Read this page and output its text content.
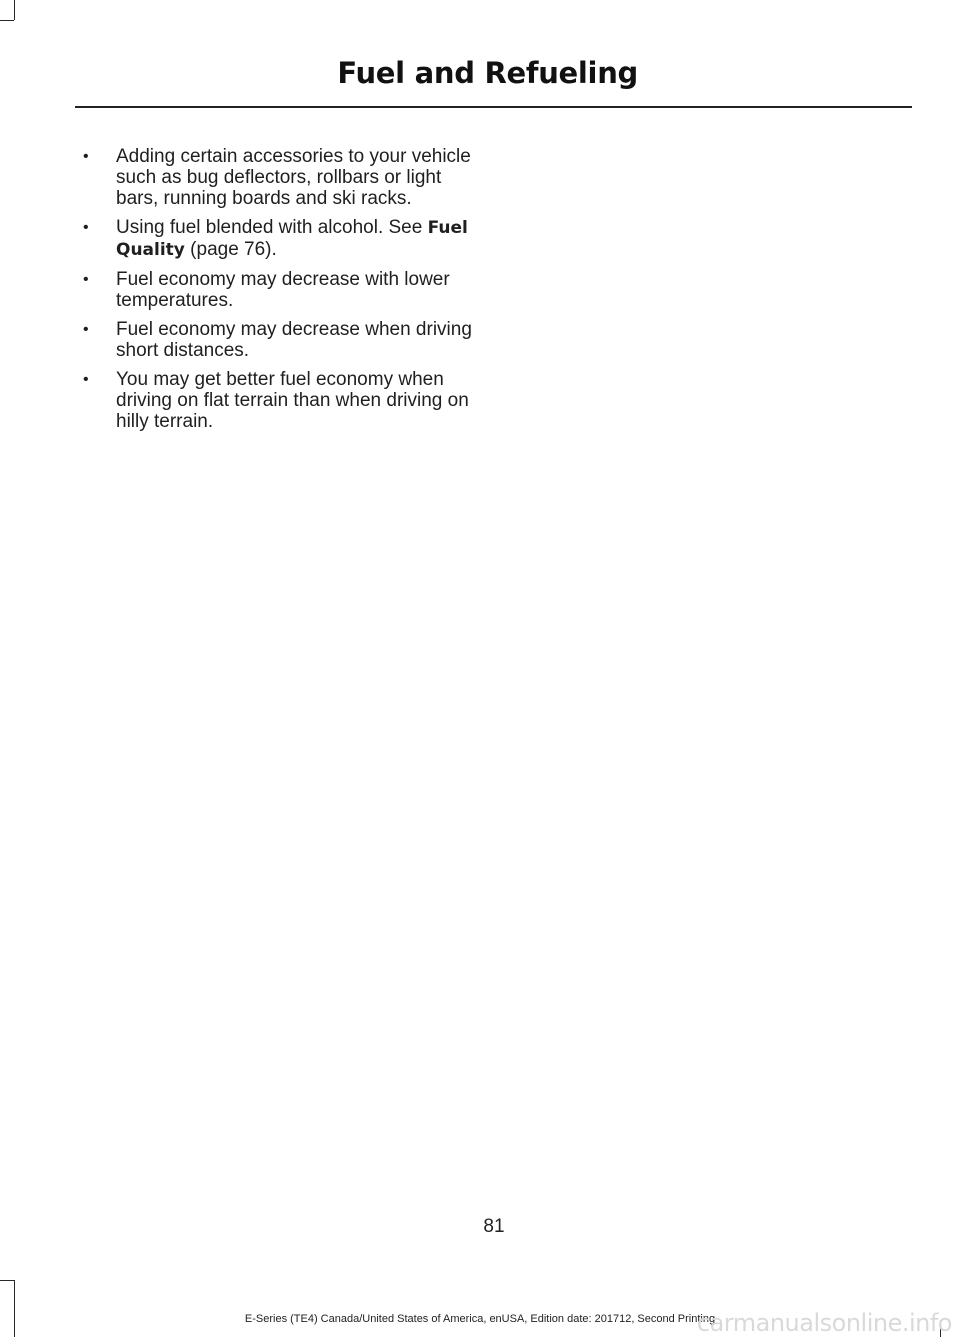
Fuel and Refueling
• Adding certain accessories to your vehicle such as bug deflectors, rollbars or light bars, running boards and ski racks.
• Using fuel blended with alcohol. See Fuel Quality (page 76).
• Fuel economy may decrease with lower temperatures.
• Fuel economy may decrease when driving short distances.
• You may get better fuel economy when driving on flat terrain than when driving on hilly terrain.
81
E-Series (TE4) Canada/United States of America, enUSA, Edition date: 201712, Second Printing
carmanualsonline.info
